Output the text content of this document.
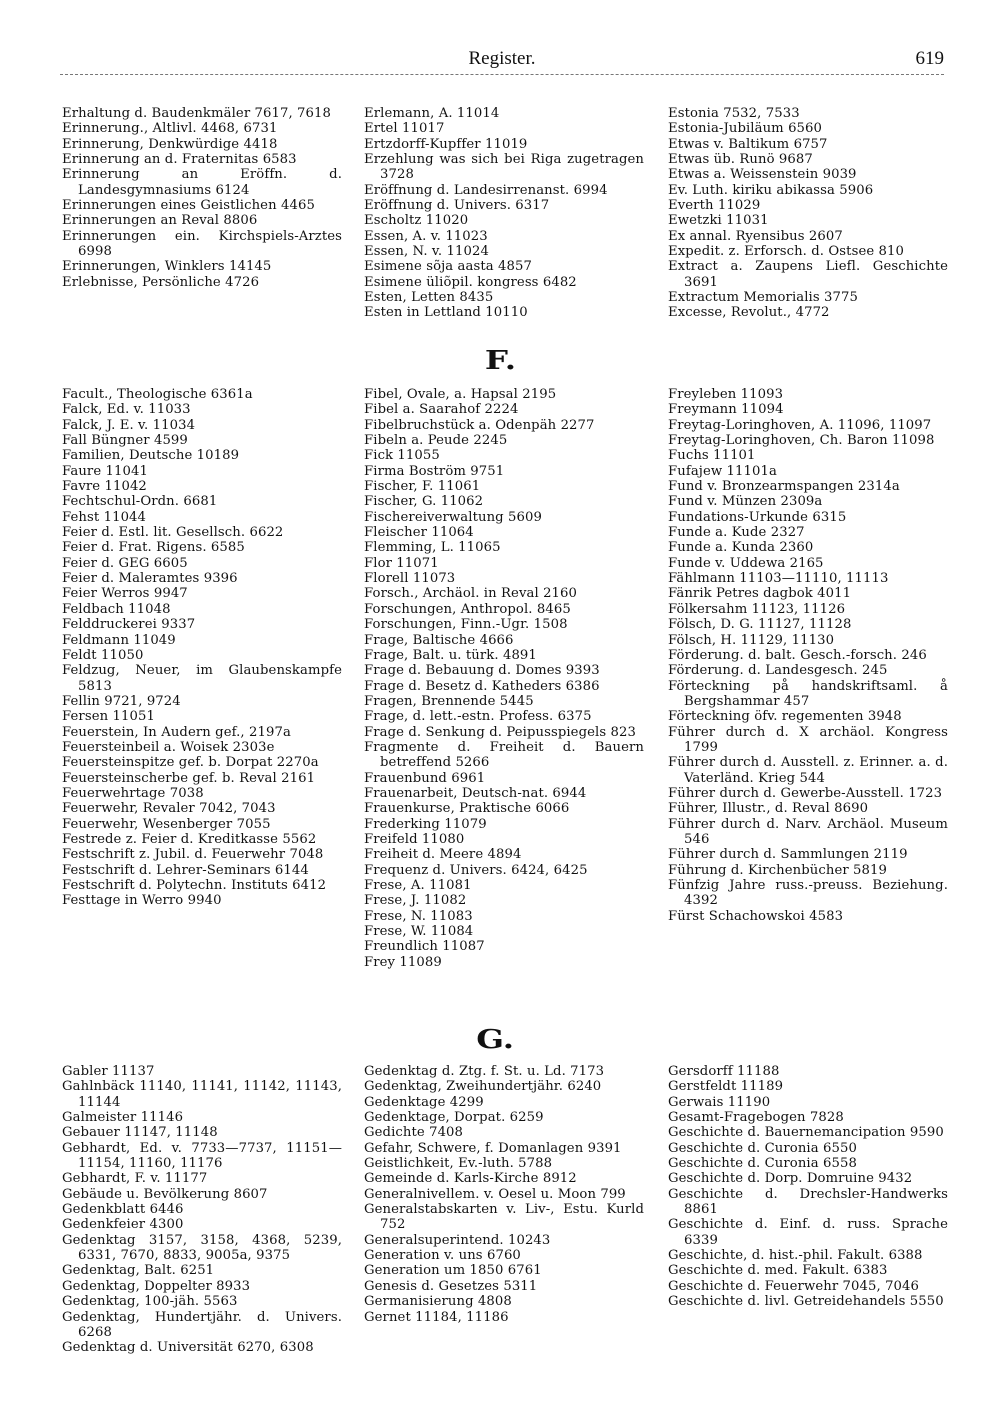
Register.	619
Erhaltung d. Baudenkmäler 7617, 7618
Erinnerung., Altlivl. 4468, 6731
Erinnerung, Denkwürdige 4418
Erinnerung an d. Fraternitas 6583
Erinnerung an Eröffn. d. Landesgymnasiums 6124
Erinnerungen eines Geistlichen 4465
Erinnerungen an Reval 8806
Erinnerungen ein. Kirchspiels-Arztes 6998
Erinnerungen, Winklers 14145
Erlebnisse, Persönliche 4726
Erlemann, A. 11014
Ertel 11017
Ertzdorff-Kupffer 11019
Erzehlung was sich bei Riga zugetragen 3728
Eröffnung d. Landesirrenanst. 6994
Eröffnung d. Univers. 6317
Escholtz 11020
Essen, A. v. 11023
Essen, N. v. 11024
Esimene sõja aasta 4857
Esimene üliõpil. kongress 6482
Esten, Letten 8435
Esten in Lettland 10110
Estonia 7532, 7533
Estonia-Jubiläum 6560
Etwas v. Baltikum 6757
Etwas üb. Runö 9687
Etwas a. Weissenstein 9039
Ev. Luth. kiriku abikassa 5906
Everth 11029
Ewetzki 11031
Ex annal. Ryensibus 2607
Expedit. z. Erforsch. d. Ostsee 810
Extract a. Zaupens Liefl. Geschichte 3691
Extractum Memorialis 3775
Excesse, Revolut., 4772
F.
Facult., Theologische 6361a
Falck, Ed. v. 11033
Falck, J. E. v. 11034
Fall Büngner 4599
Familien, Deutsche 10189
Faure 11041
Favre 11042
Fechtschul-Ordn. 6681
Fehst 11044
Feier d. Estl. lit. Gesellsch. 6622
Feier d. Frat. Rigens. 6585
Feier d. GEG 6605
Feier d. Maleramtes 9396
Feier Werros 9947
Feldbach 11048
Felddruckerei 9337
Feldmann 11049
Feldt 11050
Feldzug, Neuer, im Glaubenskampfe 5813
Fellin 9721, 9724
Fersen 11051
Feuerstein, In Audern gef., 2197a
Feuersteinbeil a. Woisek 2303e
Feuersteinspitze gef. b. Dorpat 2270a
Feuersteinscherbe gef. b. Reval 2161
Feuerwehrtage 7038
Feuerwehr, Revaler 7042, 7043
Feuerwehr, Wesenberger 7055
Festrede z. Feier d. Kreditkasse 5562
Festschrift z. Jubil. d. Feuerwehr 7048
Festschrift d. Lehrer-Seminars 6144
Festschrift d. Polytechn. Instituts 6412
Festtage in Werro 9940
Fibel, Ovale, a. Hapsal 2195
Fibel a. Saarahof 2224
Fibelbruchstück a. Odenpäh 2277
Fibeln a. Peude 2245
Fick 11055
Firma Boström 9751
Fischer, F. 11061
Fischer, G. 11062
Fischereiverwaltung 5609
Fleischer 11064
Flemming, L. 11065
Flor 11071
Florell 11073
Forsch., Archäol. in Reval 2160
Forschungen, Anthropol. 8465
Forschungen, Finn.-Ugr. 1508
Frage, Baltische 4666
Frage, Balt. u. türk. 4891
Frage d. Bebauung d. Domes 9393
Frage d. Besetz d. Katheders 6386
Fragen, Brennende 5445
Frage, d. lett.-estn. Profess. 6375
Frage d. Senkung d. Peipusspiegels 823
Fragmente d. Freiheit d. Bauern betreffend 5266
Frauenbund 6961
Frauenarbeit, Deutsch-nat. 6944
Frauenkurse, Praktische 6066
Frederking 11079
Freifeld 11080
Freiheit d. Meere 4894
Frequenz d. Univers. 6424, 6425
Frese, A. 11081
Frese, J. 11082
Frese, N. 11083
Frese, W. 11084
Freundlich 11087
Frey 11089
Freyleben 11093
Freymann 11094
Freytag-Loringhoven, A. 11096, 11097
Freytag-Loringhoven, Ch. Baron 11098
Fuchs 11101
Fufajew 11101a
Fund v. Bronzearmspangen 2314a
Fund v. Münzen 2309a
Fundations-Urkunde 6315
Funde a. Kude 2327
Funde a. Kunda 2360
Funde v. Uddewa 2165
Fählmann 11103—11110, 11113
Fänrik Petres dagbok 4011
Fölkersahm 11123, 11126
Fölsch, D. G. 11127, 11128
Fölsch, H. 11129, 11130
Förderung. d. balt. Gesch.-forsch. 246
Förderung. d. Landesgesch. 245
Förteckning på handskriftsaml. å Bergshammar 457
Förteckning öfv. regementen 3948
Führer durch d. X archäol. Kongress 1799
Führer durch d. Ausstell. z. Erinner. a. d. Vaterländ. Krieg 544
Führer durch d. Gewerbe-Ausstell. 1723
Führer, Illustr., d. Reval 8690
Führer durch d. Narv. Archäol. Museum 546
Führer durch d. Sammlungen 2119
Führung d. Kirchenbücher 5819
Fünfzig Jahre russ.-preuss. Beziehung. 4392
Fürst Schachowskoi 4583
G.
Gabler 11137
Gahlnbäck 11140, 11141, 11142, 11143, 11144
Galmeister 11146
Gebauer 11147, 11148
Gebhardt, Ed. v. 7733—7737, 11151—11154, 11160, 11176
Gebhardt, F. v. 11177
Gebäude u. Bevölkerung 8607
Gedenkblatt 6446
Gedenkfeier 4300
Gedenktag 3157, 3158, 4368, 5239, 6331, 7670, 8833, 9005a, 9375
Gedenktag, Balt. 6251
Gedenktag, Doppelter 8933
Gedenktag, 100-jäh. 5563
Gedenktag, Hundertjähr. d. Univers. 6268
Gedenktag d. Universität 6270, 6308
Gedenktag d. Ztg. f. St. u. Ld. 7173
Gedenktag, Zweihundertjähr. 6240
Gedenktage 4299
Gedenktage, Dorpat. 6259
Gedichte 7408
Gefahr, Schwere, f. Domanlagen 9391
Geistlichkeit, Ev.-luth. 5788
Gemeinde d. Karls-Kirche 8912
Generalnivellem. v. Oesel u. Moon 799
Generalstabskarten v. Liv-, Estu. Kurld 752
Generalsuperintend. 10243
Generation v. uns 6760
Generation um 1850 6761
Genesis d. Gesetzes 5311
Germanisierung 4808
Gernet 11184, 11186
Gersdorff 11188
Gerstfeldt 11189
Gerwais 11190
Gesamt-Fragebogen 7828
Geschichte d. Bauernemancipation 9590
Geschichte d. Curonia 6550
Geschichte d. Curonia 6558
Geschichte d. Dorp. Domruine 9432
Geschichte d. Drechsler-Handwerks 8861
Geschichte d. Einf. d. russ. Sprache 6339
Geschichte, d. hist.-phil. Fakult. 6388
Geschichte d. med. Fakult. 6383
Geschichte d. Feuerwehr 7045, 7046
Geschichte d. livl. Getreidehandels 5550
